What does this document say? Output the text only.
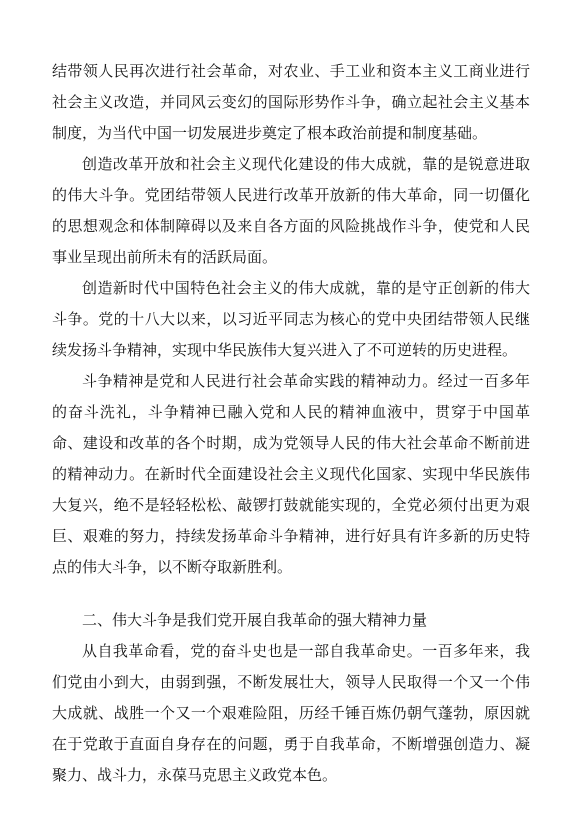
结带领人民再次进行社会革命，对农业、手工业和资本主义工商业进行社会主义改造，并同风云变幻的国际形势作斗争，确立起社会主义基本制度，为当代中国一切发展进步奠定了根本政治前提和制度基础。

创造改革开放和社会主义现代化建设的伟大成就，靠的是锐意进取的伟大斗争。党团结带领人民进行改革开放新的伟大革命，同一切僵化的思想观念和体制障碍以及来自各方面的风险挑战作斗争，使党和人民事业呈现出前所未有的活跃局面。

创造新时代中国特色社会主义的伟大成就，靠的是守正创新的伟大斗争。党的十八大以来，以习近平同志为核心的党中央团结带领人民继续发扬斗争精神，实现中华民族伟大复兴进入了不可逆转的历史进程。

斗争精神是党和人民进行社会革命实践的精神动力。经过一百多年的奋斗洗礼，斗争精神已融入党和人民的精神血液中，贯穿于中国革命、建设和改革的各个时期，成为党领导人民的伟大社会革命不断前进的精神动力。在新时代全面建设社会主义现代化国家、实现中华民族伟大复兴，绝不是轻轻松松、敲锣打鼓就能实现的，全党必须付出更为艰巨、艰难的努力，持续发扬革命斗争精神，进行好具有许多新的历史特点的伟大斗争，以不断夺取新胜利。

二、伟大斗争是我们党开展自我革命的强大精神力量

从自我革命看，党的奋斗史也是一部自我革命史。一百多年来，我们党由小到大，由弱到强，不断发展壮大，领导人民取得一个又一个伟大成就、战胜一个又一个艰难险阻，历经千锤百炼仍朝气蓬勃，原因就在于党敢于直面自身存在的问题，勇于自我革命，不断增强创造力、凝聚力、战斗力，永葆马克思主义政党本色。
